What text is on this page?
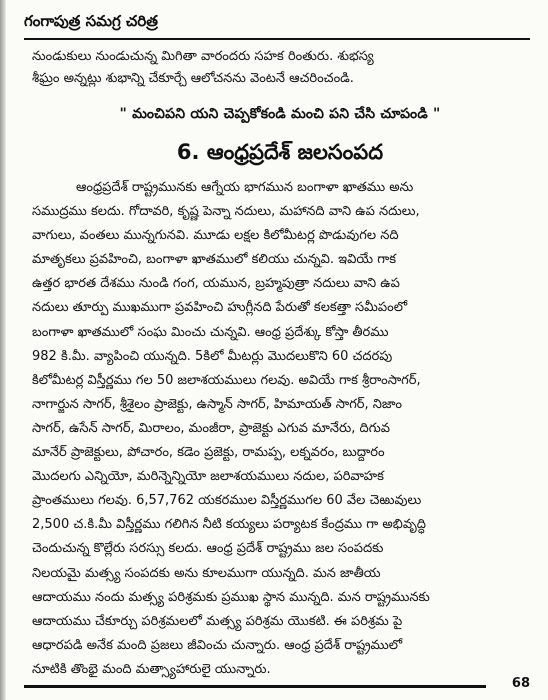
గంగాపుత్ర సమగ్ర చరిత్ర

నుండుకులు నుండుచున్న మిగితా వారందరు సహక రింతురు. శుభస్య

శీఘ్రం అన్నట్లు శుభాన్ని చేకూర్చే ఆలోచనను వెంటనే ఆచరించండి.

" మంచిపని యని చెప్పకోకండి మంచి పని చేసి చూపండి "
6. ఆంధ్రప్రదేశ్ జలసంపద
ఆంధ్రప్రదేశ్ రాష్ట్రమునకు ఆగ్నేయ భాగమున బంగాళా ఖాతము అను
సముద్రము కలదు. గోదావరి, కృష్ణ పెన్నా నదులు, మహానది వాని ఉప నదులు,
వాగులు, వంతలు మున్నగునవి. మూడు లక్షల కిలోమీటర్ల పొడువుగల నది
మాతృకలు ప్రవహించి, బంగాళా ఖాతములో కలియు చున్నవి. ఇవియే గాక
ఉత్తర భారత దేశము నుండి గంగ, యమున, బ్రహ్మపుత్రా నదులు వాని ఉప
నదులు తూర్పు ముఖముగా ప్రవహించి హుగ్లీనది పేరుతో కలకత్తా సమీపంలో
బంగాళా ఖాతములో సంఘ మించు చున్నవి. ఆంధ్ర ప్రదేశ్కు కోస్తా తీరము
982 కి.మీ. వ్యాపించి యున్నది. 5కిలో మీటర్లు మొదలుకొని 60 చదరపు
కిలోమీటర్ల విస్తీర్ణము గల 50 జలాశయములు గలవు. అవియే గాక శ్రీరాంసాగర్,
నాగార్జున సాగర్, శ్రీశైలం ప్రాజెక్టు, ఉస్మాన్ సాగర్, హిమాయత్ సాగర్, నిజాం
సాగర్, ఉసేన్ సాగర్, మిరాలం, మంజీరా, ప్రాజెక్టు ఎగువ మానేరు, దిగువ
మానేర్ ప్రాజెక్టులు, పోచారం, కడెం ప్రజెక్టు, రామప్ప, లక్నవరం, బుద్దారం
మొదలగు ఎన్నియో, మరిన్నెన్నియో జలాశయములు నదుల, పరివాహక
ప్రాంతములు గలవు. 6,57,762 యకరముల విస్తీర్ణముగల 60 వేల చెఱువులు
2,500 చ.కి.మీ విస్తీర్ణము గలిగిన నీటి కయ్యలు పర్యాటక కేంద్రము గా అభివృద్ధి
చెందుచున్న కొల్లేరు సరస్సు కలదు. ఆంధ్ర ప్రదేశ్ రాష్ట్రము జల సంపదకు
నిలయమై మత్స్య సంపదకు అను కూలముగా యున్నది. మన జాతీయ
ఆదాయము నందు మత్స్య పరిశ్రమకు ప్రముఖ స్థాన మున్నది. మన రాష్ట్రమునకు
ఆదాయము చేకూర్చు పరిశ్రమలలో మత్స్య పరిశ్రమ యొకటి. ఈ పరిశ్రమ పై
ఆధారపడి అనేక మంది ప్రజలు జీవించు చున్నారు. ఆంధ్ర ప్రదేశ్ రాష్ట్రములో
నూటికి తొంభై మంది మత్స్యాహారులై యున్నారు.
68
